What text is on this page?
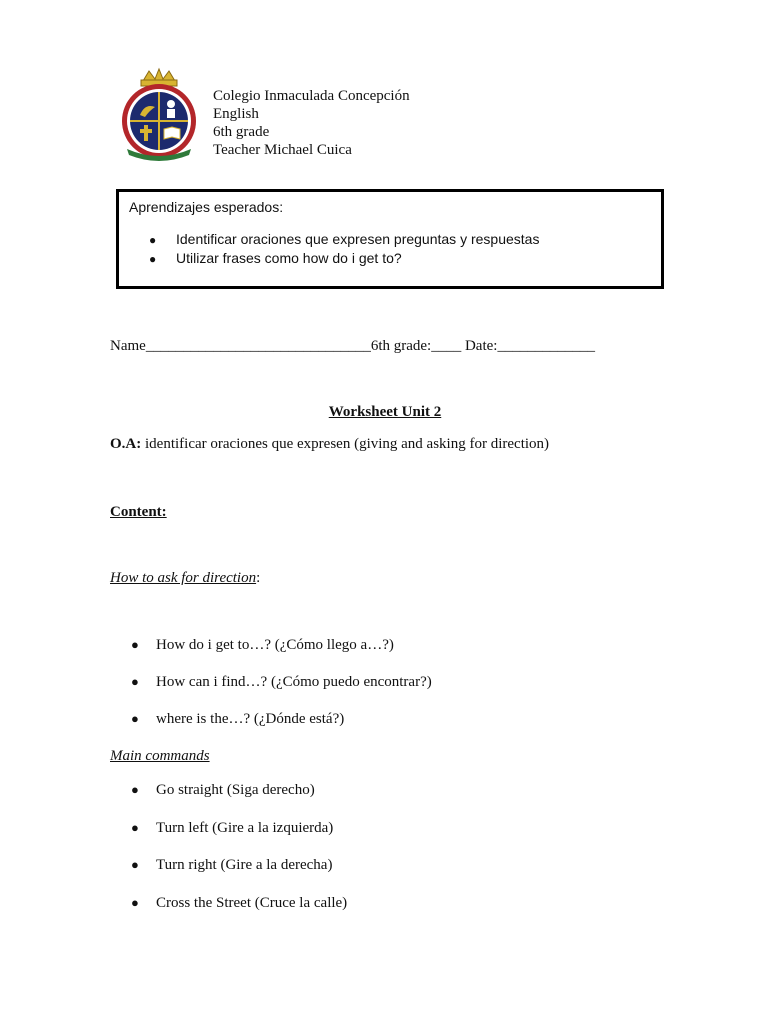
Colegio Inmaculada Concepción
English
6th grade
Teacher Michael Cuica
Aprendizajes esperados:
●	Identificar oraciones que expresen preguntas y respuestas
●	Utilizar frases como how do i get to?
Name______________________________6th grade:____ Date:_____________
Worksheet Unit 2
O.A: identificar oraciones que expresen (giving and asking for direction)
Content:
How to ask for direction:
●	How do i get to…? (¿Cómo llego a…?)
●	How can i find…? (¿Cómo puedo encontrar?)
●	where is the…? (¿Dónde está?)
Main commands
●	Go straight (Siga derecho)
●	Turn left (Gire a la izquierda)
●	Turn right (Gire a la derecha)
●	Cross the Street (Cruce la calle)
